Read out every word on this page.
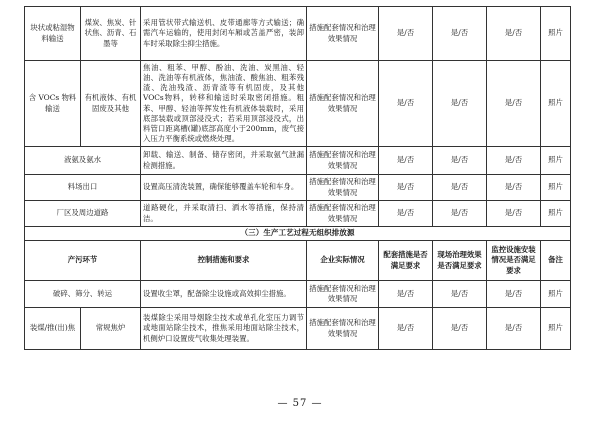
块状或粘湿物料输送	煤炭、焦炭、针状焦、沥青、石墨等	采用管状带式输送机、皮带通廊等方式输送；确需汽车运输的，使用封闭车厢或苫盖严密，装卸车时采取除尘抑尘措施。	措施配套情况和治理效果情况	是/否	是/否	是/否	照片
含 VOCs 物料输送	有机液体、有机固废及其他	焦油、粗苯、甲醇、酚油、洗油、炭黑油、轻油、洗油等有机液体，焦油渣、酸焦油、粗苯残渣、洗油残渣、沥青渣等有机固废，及其他VOCs物料，转移和输送时采取密闭措施。粗苯、甲醇、轻油等挥发性有机液体装载时，采用底部装载或顶部浸没式；若采用顶部浸没式，出料管口距离槽(罐)底部高度小于200mm，废气接入压力平衡系统或燃烧处理。	措施配套情况和治理效果情况	是/否	是/否	是/否	照片
液氨及氨水		卸载、输送、制备、储存密闭，并采取氨气泄漏检测措施。	措施配套情况和治理效果情况	是/否	是/否	是/否	照片
料场出口		设置高压清洗装置，确保能够覆盖车轮和车身。	措施配套情况和治理效果情况	是/否	是/否	是/否	照片
厂区及周边道路		道路硬化，并采取清扫、洒水等措施，保持清洁。	措施配套情况和治理效果情况	是/否	是/否	是/否	照片
（三）生产工艺过程无组织排放源							
产污环节		控制措施和要求	企业实际情况	配套措施是否满足要求	现场治理效果是否满足要求	监控设施安装情况是否满足要求	备注
破碎、筛分、转运		设置收尘罩，配备除尘设施或高效抑尘措施。	措施配套情况和治理效果情况	是/否	是/否	是/否	照片
装煤/推(出)焦	常规焦炉	装煤除尘采用导烟除尘技术或单孔化室压力调节或地面站除尘技术，推焦采用地面站除尘技术，机侧炉口设置废气收集处理装置。	措施配套情况和治理效果情况	是/否	是/否	是/否	照片
— 57 —
